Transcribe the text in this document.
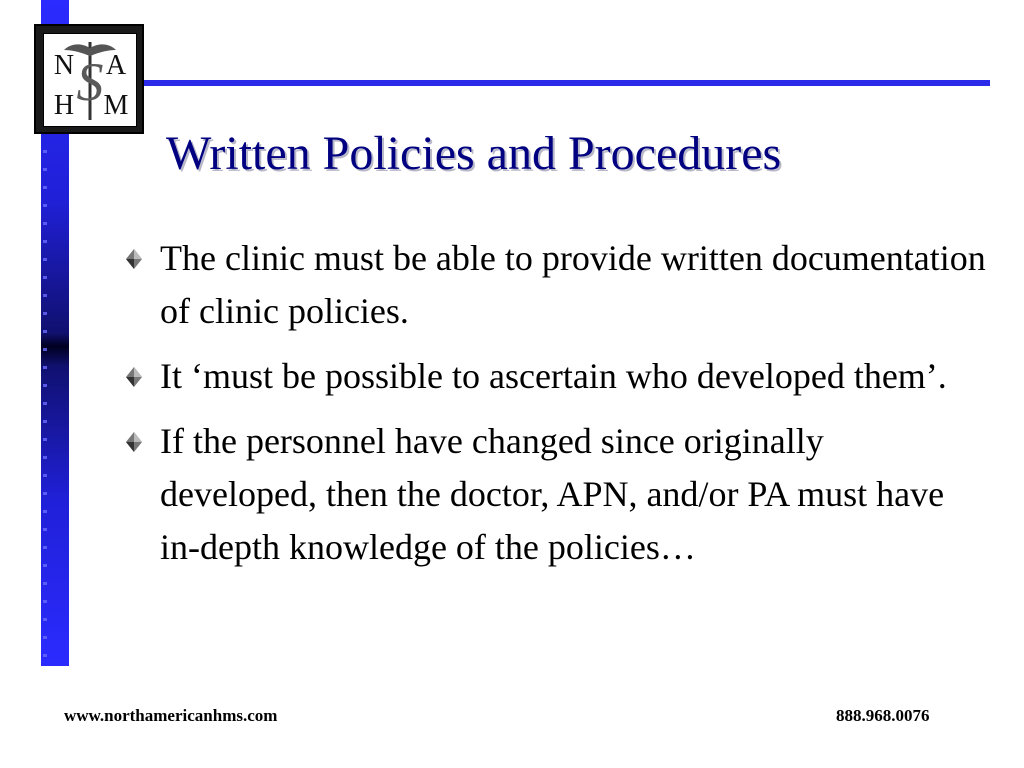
S
N A
H M
Written Policies and Procedures
The clinic must be able to provide written documentation of clinic policies.
It ‘must be possible to ascertain who developed them’.
If the personnel have changed since originally developed, then the doctor, APN, and/or PA must have in-depth knowledge of the policies…
www.northamericanhms.com	888.968.0076
